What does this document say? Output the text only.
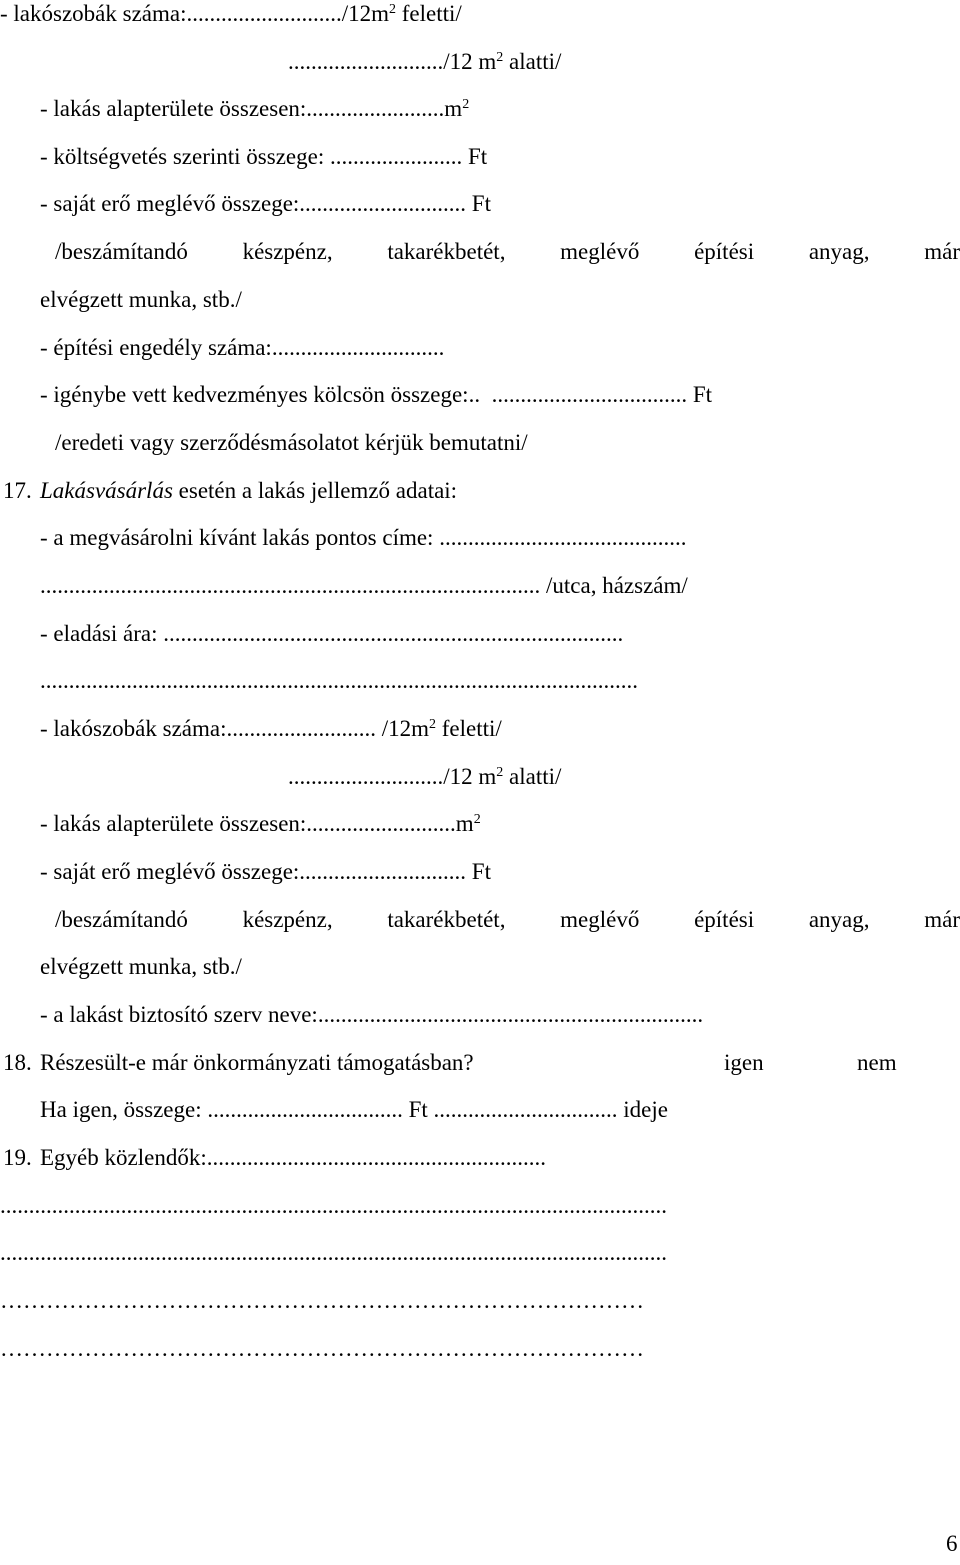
- lakószobák $száma:.........................../12m^2$ feletti/
.........................../12 $m^2$ alatti/
- lakás alapterülete $összesen:........................m^2$
- költségvetés szerinti összege: ....................... Ft
- saját erő meglévő összege:............................. Ft
/beszámítandó készpénz, takarékbetét, meglévő építési anyag, már
elvégzett munka, stb./
- építési engedély száma:..............................
- igénybe vett kedvezményes kölcsön összege:..  .................................. Ft
/eredeti vagy szerződésmásolatot kérjük bemutatni/
17. Lakásvásárlás esetén a lakás jellemző adatai:
- a megvásárolni kívánt lakás pontos címe: ...........................................
....................................................................................... /utca, házszám/
- eladási ára: ................................................................................
........................................................................................................
- lakószobák száma:.......................... $/12m^2$ feletti/
.........................../12 $m^2$ alatti/
- lakás alapterülete $összesen:..........................m^2$
- saját erő meglévő összege:............................. Ft
/beszámítandó készpénz, takarékbetét, meglévő építési anyag, már
elvégzett munka, stb./
- a lakást biztosító szerv neve:...................................................................
18. Részesült-e már önkormányzati támogatásban?	igen	nem
Ha igen, összege: .................................. Ft ................................ ideje
19. Egyéb közlendők:...........................................................
....................................................................................................................
....................................................................................................................
…………………………………………………………………………
…………………………………………………………………………
6
